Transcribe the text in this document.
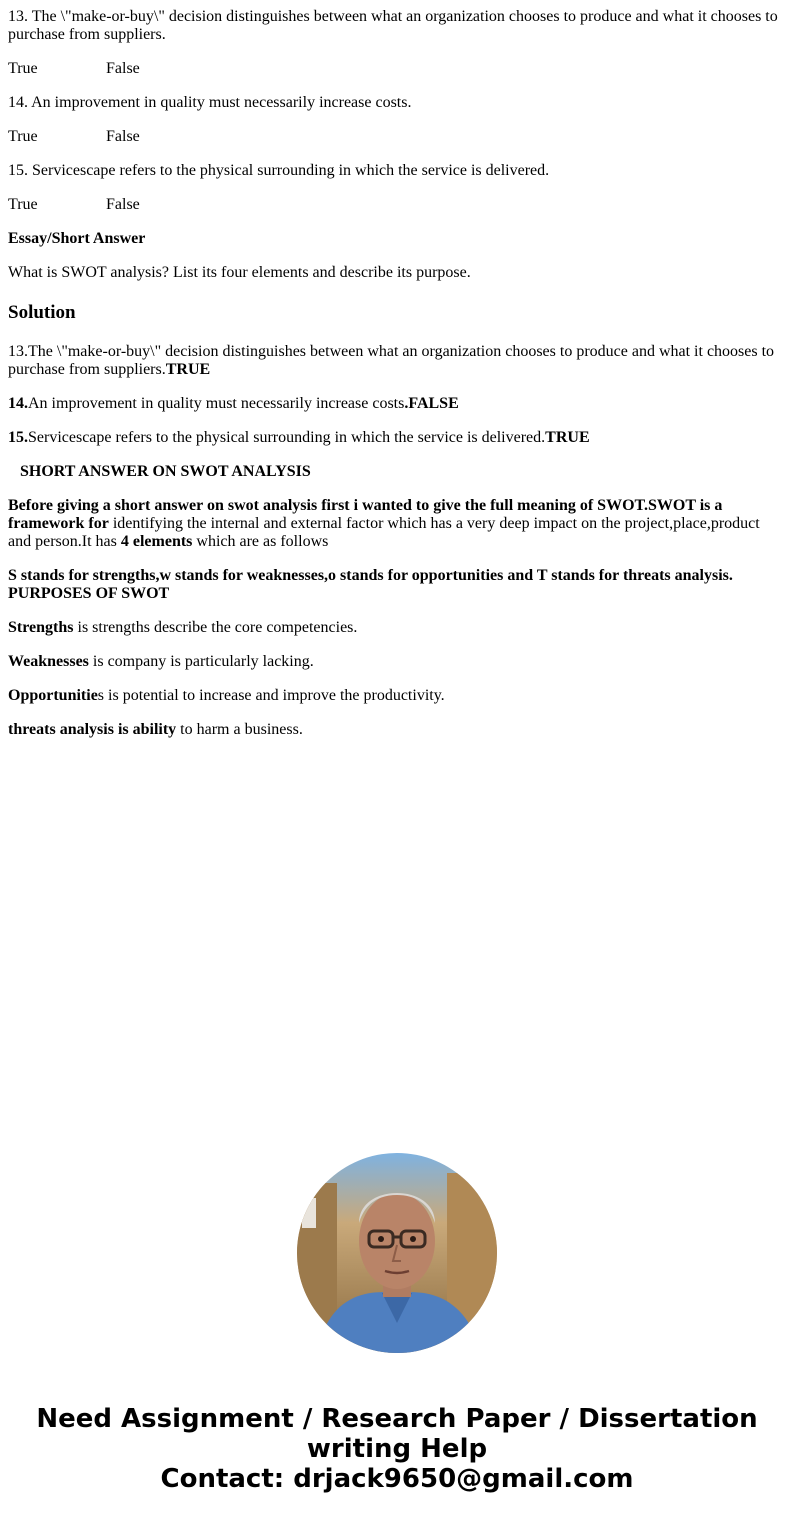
13. The \"make-or-buy\" decision distinguishes between what an organization chooses to produce and what it chooses to purchase from suppliers.

True	False

14. An improvement in quality must necessarily increase costs.

True	False

15. Servicescape refers to the physical surrounding in which the service is delivered.

True	False

Essay/Short Answer

What is SWOT analysis? List its four elements and describe its purpose.

Solution

13.The \"make-or-buy\" decision distinguishes between what an organization chooses to produce and what it chooses to purchase from suppliers.TRUE

14.An improvement in quality must necessarily increase costs.FALSE

15.Servicescape refers to the physical surrounding in which the service is delivered.TRUE

SHORT ANSWER ON SWOT ANALYSIS

Before giving a short answer on swot analysis first i wanted to give the full meaning of SWOT.SWOT is a framework for identifying the internal and external factor which has a very deep impact on the project,place,product and person.It has 4 elements which are as follows

S stands for strengths,w stands for weaknesses,o stands for opportunities and T stands for threats analysis.
PURPOSES OF SWOT

Strengths is strengths describe the core competencies.

Weaknesses is company is particularly lacking.

Opportunities is potential to increase and improve the productivity.

threats analysis is ability to harm a business.

Need Assignment / Research Paper / Dissertation
writing Help
Contact: drjack9650@gmail.com
